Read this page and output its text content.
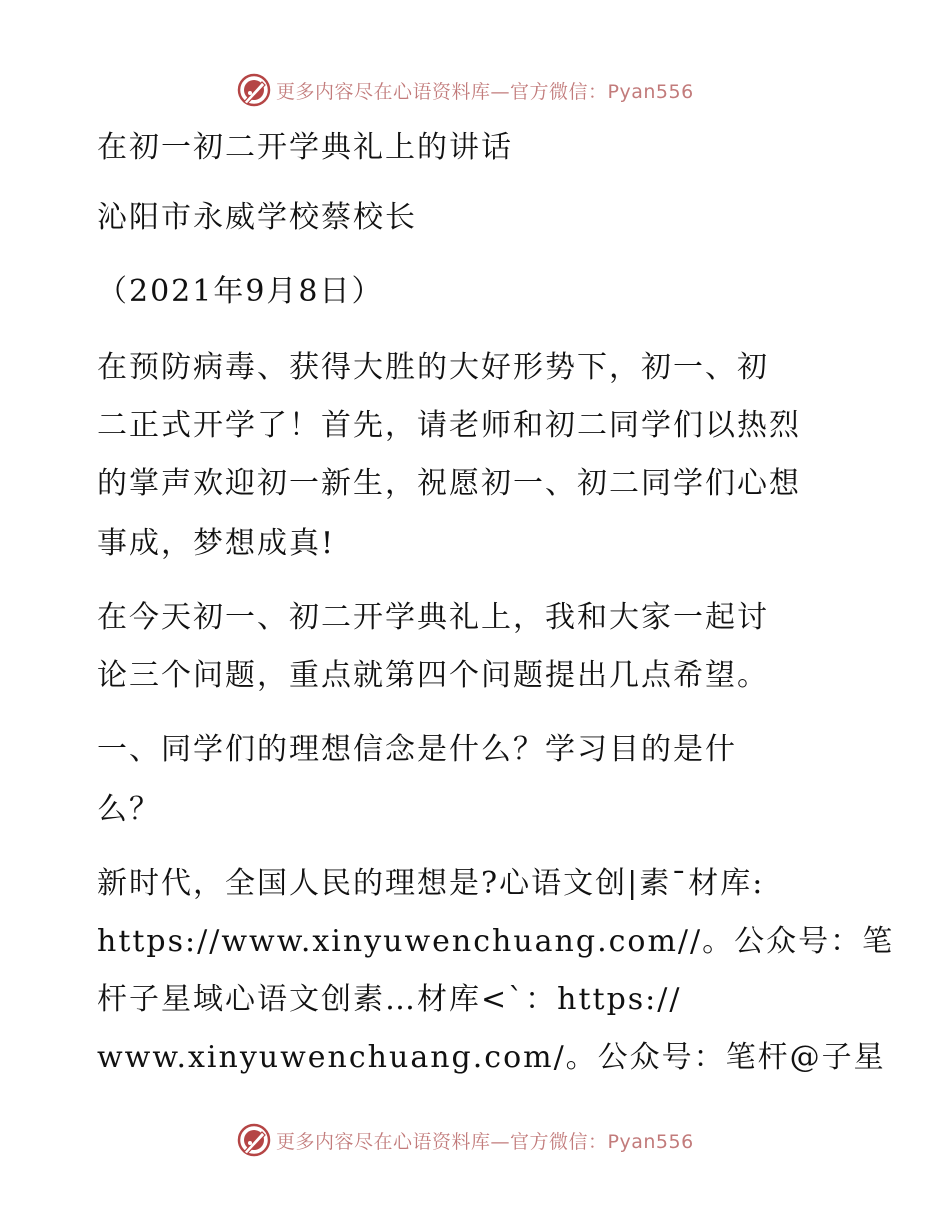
更多内容尽在心语资料库—官方微信：Pyan556
在初一初二开学典礼上的讲话
沁阳市永威学校蔡校长
（2021年9月8日）
在预防病毒、获得大胜的大好形势下，初一、初
二正式开学了！首先，请老师和初二同学们以热烈
的掌声欢迎初一新生，祝愿初一、初二同学们心想
事成，梦想成真!
在今天初一、初二开学典礼上，我和大家一起讨
论三个问题，重点就第四个问题提出几点希望。
一、同学们的理想信念是什么？学习目的是什
么？
新时代，全国人民的理想是?心语文创|素¯材库:
https://www.xinyuwenchuang.com//。公众号：笔
杆子星域心语文创素…材库<`：https://
www.xinyuwenchuang.com/。公众号：笔杆@子星
更多内容尽在心语资料库—官方微信：Pyan556
